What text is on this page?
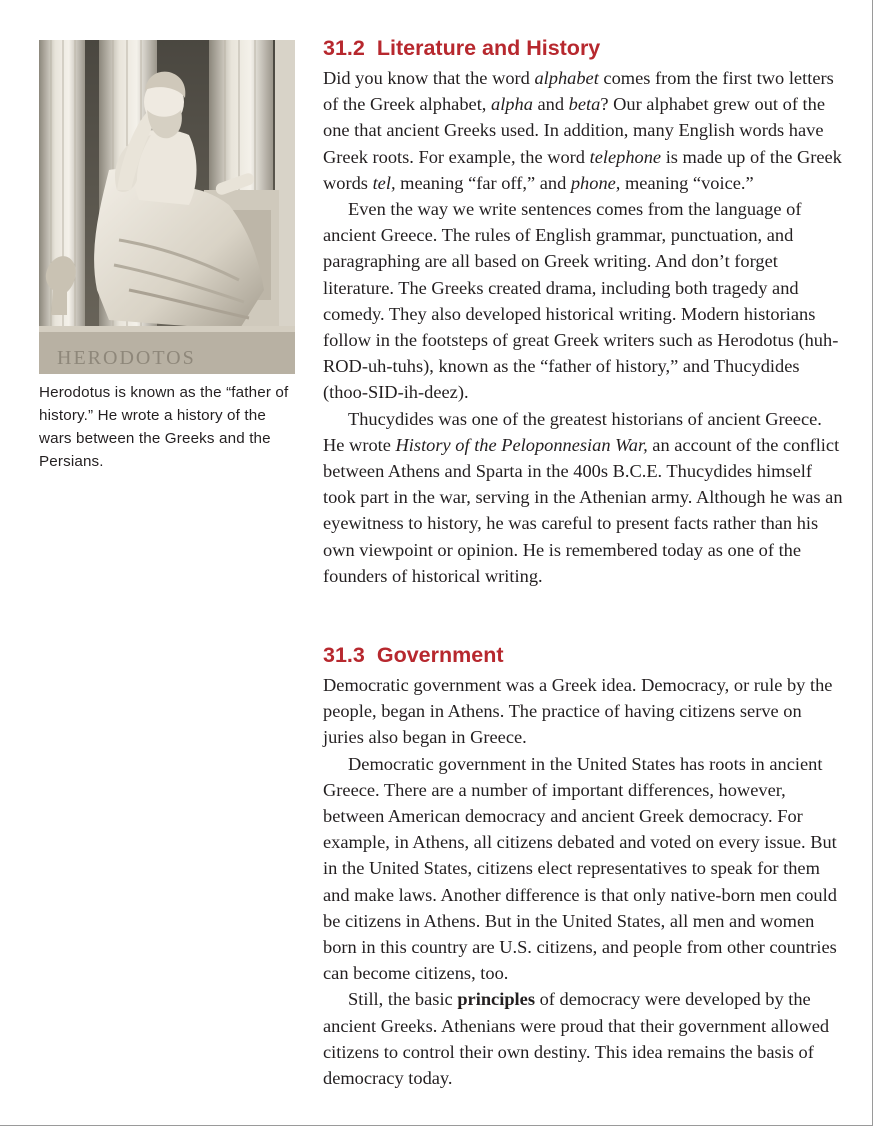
HERODOTOS
Herodotus is known as the “father of history.” He wrote a history of the wars between the Greeks and the Persians.
31.2 Literature and History

Did you know that the word alphabet comes from the first two letters of the Greek alphabet, alpha and beta? Our alphabet grew out of the one that ancient Greeks used. In addition, many English words have Greek roots. For example, the word telephone is made up of the Greek words tel, meaning “far off,” and phone, meaning “voice.”

Even the way we write sentences comes from the language of ancient Greece. The rules of English grammar, punctuation, and paragraphing are all based on Greek writing. And don’t forget literature. The Greeks created drama, including both tragedy and comedy. They also developed historical writing. Modern historians follow in the footsteps of great Greek writers such as Herodotus (huh-ROD-uh-tuhs), known as the “father of history,” and Thucydides (thoo-SID-ih-deez).

Thucydides was one of the greatest historians of ancient Greece. He wrote History of the Peloponnesian War, an account of the conflict between Athens and Sparta in the 400s B.C.E. Thucydides himself took part in the war, serving in the Athenian army. Although he was an eyewitness to history, he was careful to present facts rather than his own viewpoint or opinion. He is remembered today as one of the founders of historical writing.

31.3 Government

Democratic government was a Greek idea. Democracy, or rule by the people, began in Athens. The practice of having citizens serve on juries also began in Greece.

Democratic government in the United States has roots in ancient Greece. There are a number of important differences, however, between American democracy and ancient Greek democracy. For example, in Athens, all citizens debated and voted on every issue. But in the United States, citizens elect representatives to speak for them and make laws. Another difference is that only native-born men could be citizens in Athens. But in the United States, all men and women born in this country are U.S. citizens, and people from other countries can become citizens, too.

Still, the basic principles of democracy were developed by the ancient Greeks. Athenians were proud that their government allowed citizens to control their own destiny. This idea remains the basis of democracy today.
